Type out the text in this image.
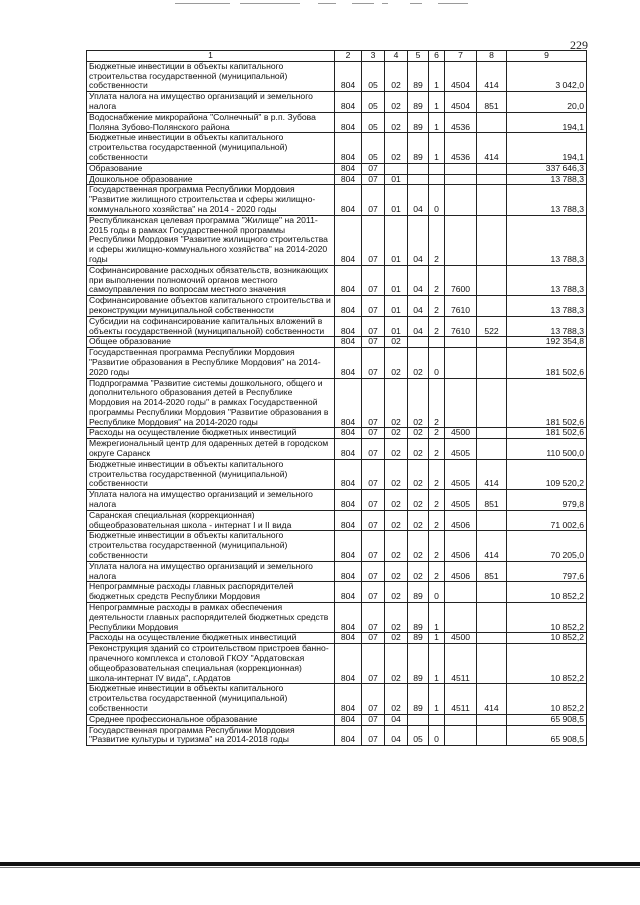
229
1	2	3	4	5	6	7	8	9
Бюджетные инвестиции в объекты капитального строительства государственной (муниципальной) собственности	804	05	02	89	1	4504	414	3 042,0
Уплата налога на имущество организаций и земельного налога	804	05	02	89	1	4504	851	20,0
Водоснабжение микрорайона "Солнечный" в р.п. Зубова Поляна Зубово-Полянского района	804	05	02	89	1	4536		194,1
Бюджетные инвестиции в объекты капитального строительства государственной (муниципальной) собственности	804	05	02	89	1	4536	414	194,1
Образование	804	07						337 646,3
Дошкольное образование	804	07	01					13 788,3
Государственная программа Республики Мордовия "Развитие жилищного строительства и сферы жилищно-коммунального хозяйства" на 2014 - 2020 годы	804	07	01	04	0			13 788,3
Республиканская целевая программа "Жилище" на 2011-2015 годы в рамках Государственной программы Республики Мордовия "Развитие жилищного строительства и сферы жилищно-коммунального хозяйства" на 2014-2020 годы	804	07	01	04	2			13 788,3
Софинансирование расходных обязательств, возникающих при выполнении полномочий органов местного самоуправления по вопросам местного значения	804	07	01	04	2	7600		13 788,3
Софинансирование объектов капитального строительства и реконструкции муниципальной собственности	804	07	01	04	2	7610		13 788,3
Субсидии на софинансирование капитальных вложений в объекты государственной (муниципальной) собственности	804	07	01	04	2	7610	522	13 788,3
Общее образование	804	07	02					192 354,8
Государственная программа Республики Мордовия "Развитие образования в Республике Мордовия" на 2014-2020 годы	804	07	02	02	0			181 502,6
Подпрограмма "Развитие системы дошкольного, общего и дополнительного образования детей в Республике Мордовия на 2014-2020 годы" в рамках Государственной программы Республики Мордовия "Развитие образования в Республике Мордовия" на 2014-2020 годы	804	07	02	02	2			181 502,6
Расходы на осуществление бюджетных инвестиций	804	07	02	02	2	4500		181 502,6
Межрегиональный центр для одаренных детей в городском округе Саранск	804	07	02	02	2	4505		110 500,0
Бюджетные инвестиции в объекты капитального строительства государственной (муниципальной) собственности	804	07	02	02	2	4505	414	109 520,2
Уплата налога на имущество организаций и земельного налога	804	07	02	02	2	4505	851	979,8
Саранская специальная (коррекционная) общеобразовательная школа - интернат I и II вида	804	07	02	02	2	4506		71 002,6
Бюджетные инвестиции в объекты капитального строительства государственной (муниципальной) собственности	804	07	02	02	2	4506	414	70 205,0
Уплата налога на имущество организаций и земельного налога	804	07	02	02	2	4506	851	797,6
Непрограммные расходы главных распорядителей бюджетных средств Республики Мордовия	804	07	02	89	0			10 852,2
Непрограммные расходы в рамках обеспечения деятельности главных распорядителей бюджетных средств Республики Мордовия	804	07	02	89	1			10 852,2
Расходы на осуществление бюджетных инвестиций	804	07	02	89	1	4500		10 852,2
Реконструкция зданий со строительством пристроев банно-прачечного комплекса и столовой ГКОУ "Ардатовская общеобразовательная специальная (коррекционная) школа-интернат IV вида", г.Ардатов	804	07	02	89	1	4511		10 852,2
Бюджетные инвестиции в объекты капитального строительства государственной (муниципальной) собственности	804	07	02	89	1	4511	414	10 852,2
Среднее профессиональное образование	804	07	04					65 908,5
Государственная программа Республики Мордовия "Развитие культуры и туризма" на 2014-2018 годы	804	07	04	05	0			65 908,5
